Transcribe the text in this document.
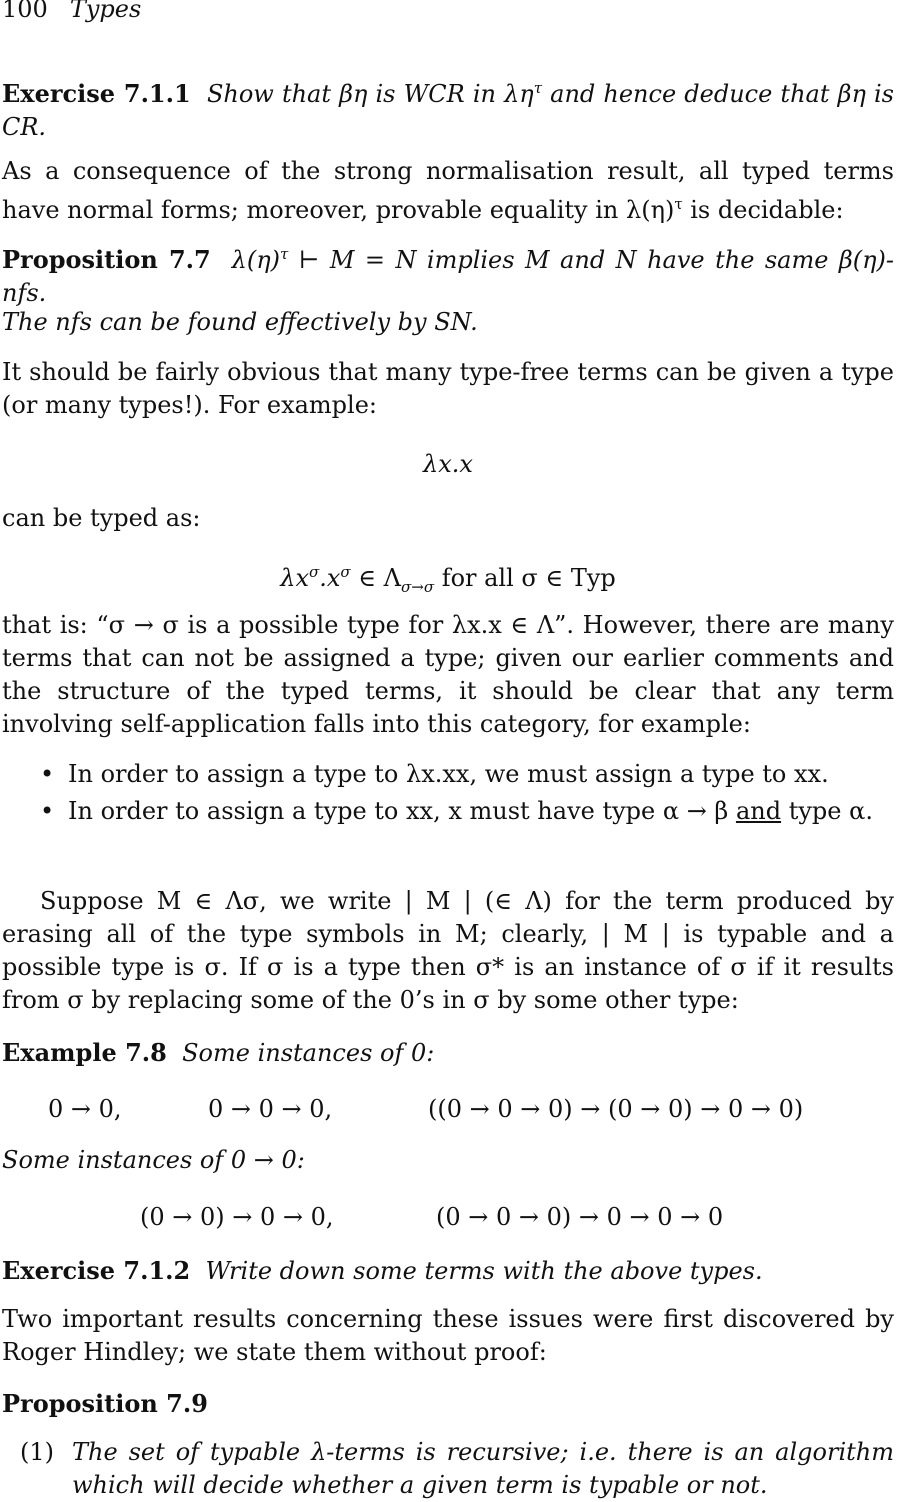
100 Types
Exercise 7.1.1 Show that βη is WCR in $\lambda\eta^\tau$ and hence deduce that βη is CR.
As a consequence of the strong normalisation result, all typed terms have normal forms; moreover, provable equality in $\lambda(\eta)^\tau$ is decidable:
Proposition 7.7 $\lambda(\eta)^\tau$ ⊢ M = N implies M and N have the same β(η)-nfs.
The nfs can be found effectively by SN.
It should be fairly obvious that many type-free terms can be given a type (or many types!). For example:
λx.x
can be typed as:
$\lambda x^\sigma.x^\sigma$ ∈ $\Lambda_{\sigma\to\sigma}$ for all σ ∈ Typ
that is: “σ → σ is a possible type for λx.x ∈ Λ”. However, there are many terms that can not be assigned a type; given our earlier comments and the structure of the typed terms, it should be clear that any term involving self-application falls into this category, for example:
• In order to assign a type to λx.xx, we must assign a type to xx.
• In order to assign a type to xx, x must have type α → β and type α.
Suppose M ∈ Λσ, we write | M | (∈ Λ) for the term produced by erasing all of the type symbols in M; clearly, | M | is typable and a possible type is σ. If σ is a type then σ* is an instance of σ if it results from σ by replacing some of the 0’s in σ by some other type:
Example 7.8 Some instances of 0:
0 → 0,	0 → 0 → 0,	((0 → 0 → 0) → (0 → 0) → 0 → 0)
Some instances of 0 → 0:
(0 → 0) → 0 → 0,	(0 → 0 → 0) → 0 → 0 → 0
Exercise 7.1.2 Write down some terms with the above types.
Two important results concerning these issues were first discovered by Roger Hindley; we state them without proof:
Proposition 7.9
(1) The set of typable λ-terms is recursive; i.e. there is an algorithm which will decide whether a given term is typable or not.
